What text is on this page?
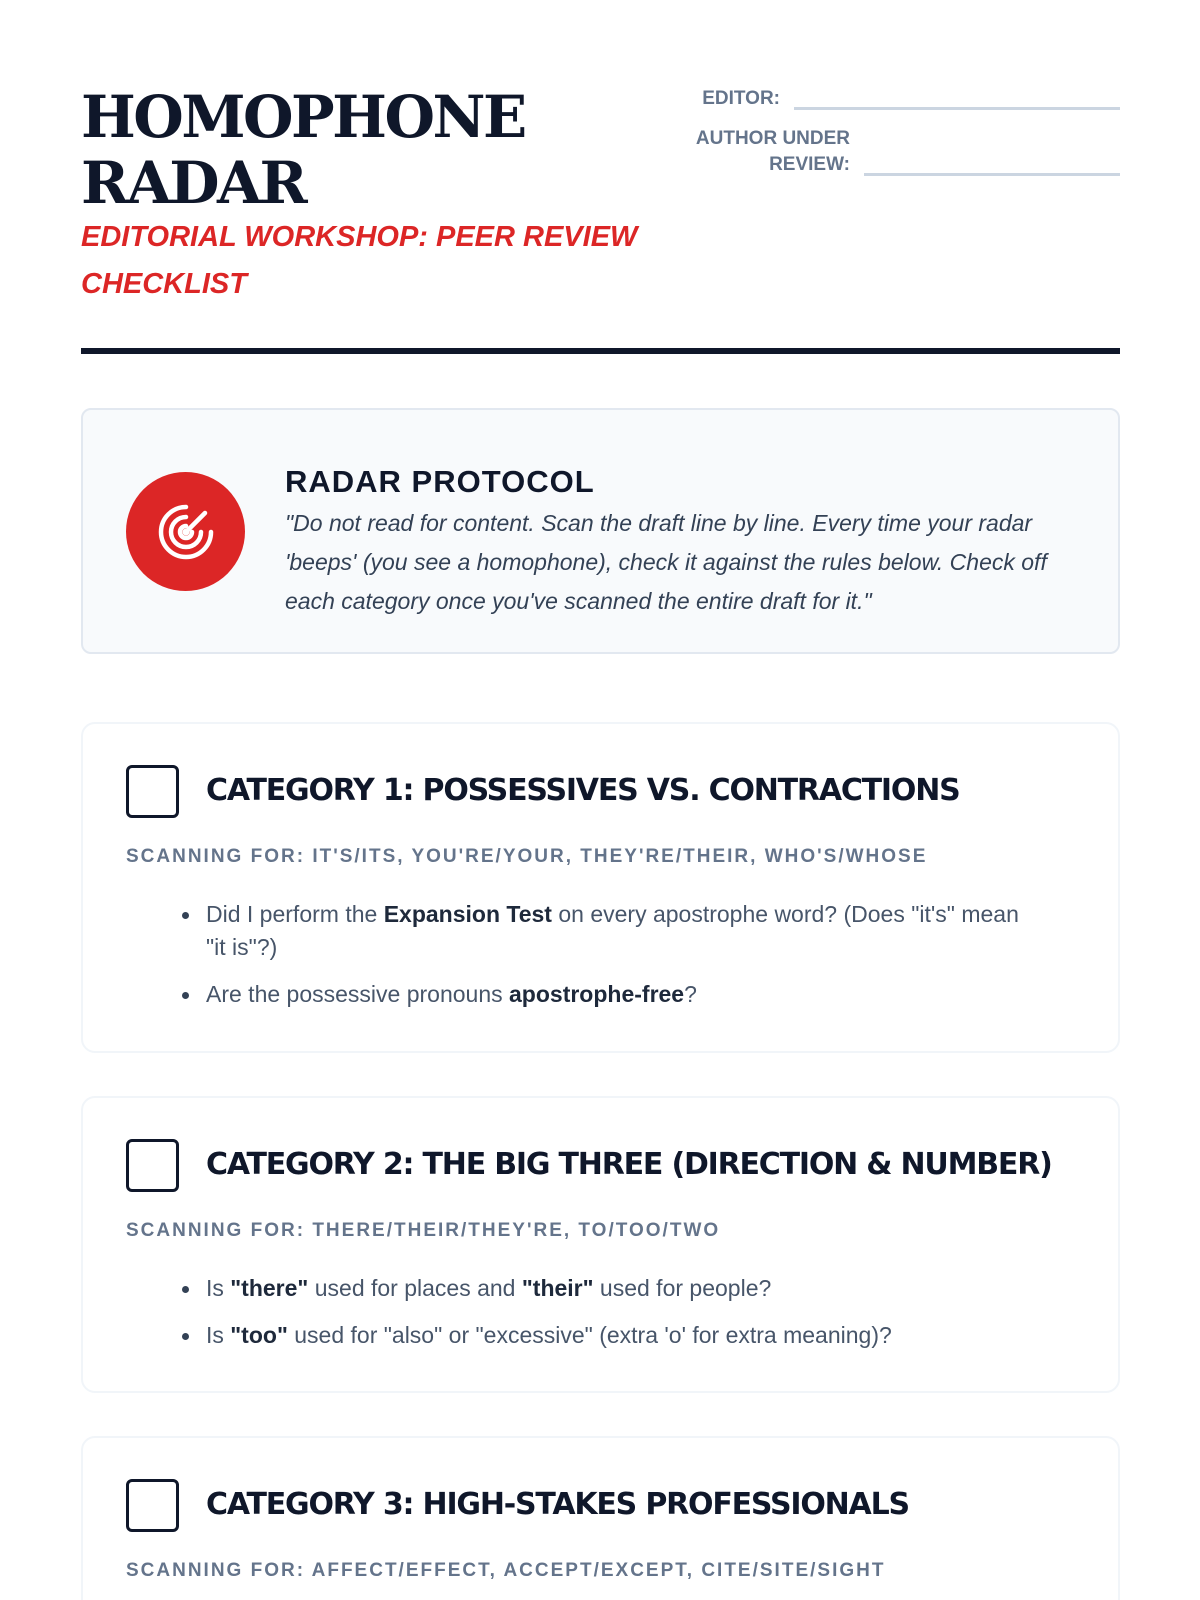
HOMOPHONE RADAR
EDITORIAL WORKSHOP: PEER REVIEW CHECKLIST
EDITOR:
AUTHOR UNDER REVIEW:
RADAR PROTOCOL

"Do not read for content. Scan the draft line by line. Every time your radar 'beeps' (you see a homophone), check it against the rules below. Check off each category once you've scanned the entire draft for it."

CATEGORY 1: POSSESSIVES VS. CONTRACTIONS
SCANNING FOR: IT'S/ITS, YOU'RE/YOUR, THEY'RE/THEIR, WHO'S/WHOSE
Did I perform the Expansion Test on every apostrophe word? (Does "it's" mean "it is"?)
Are the possessive pronouns apostrophe-free?
CATEGORY 2: THE BIG THREE (DIRECTION & NUMBER)
SCANNING FOR: THERE/THEIR/THEY'RE, TO/TOO/TWO
Is "there" used for places and "their" used for people?
Is "too" used for "also" or "excessive" (extra 'o' for extra meaning)?
CATEGORY 3: HIGH-STAKES PROFESSIONALS
SCANNING FOR: AFFECT/EFFECT, ACCEPT/EXCEPT, CITE/SITE/SIGHT
